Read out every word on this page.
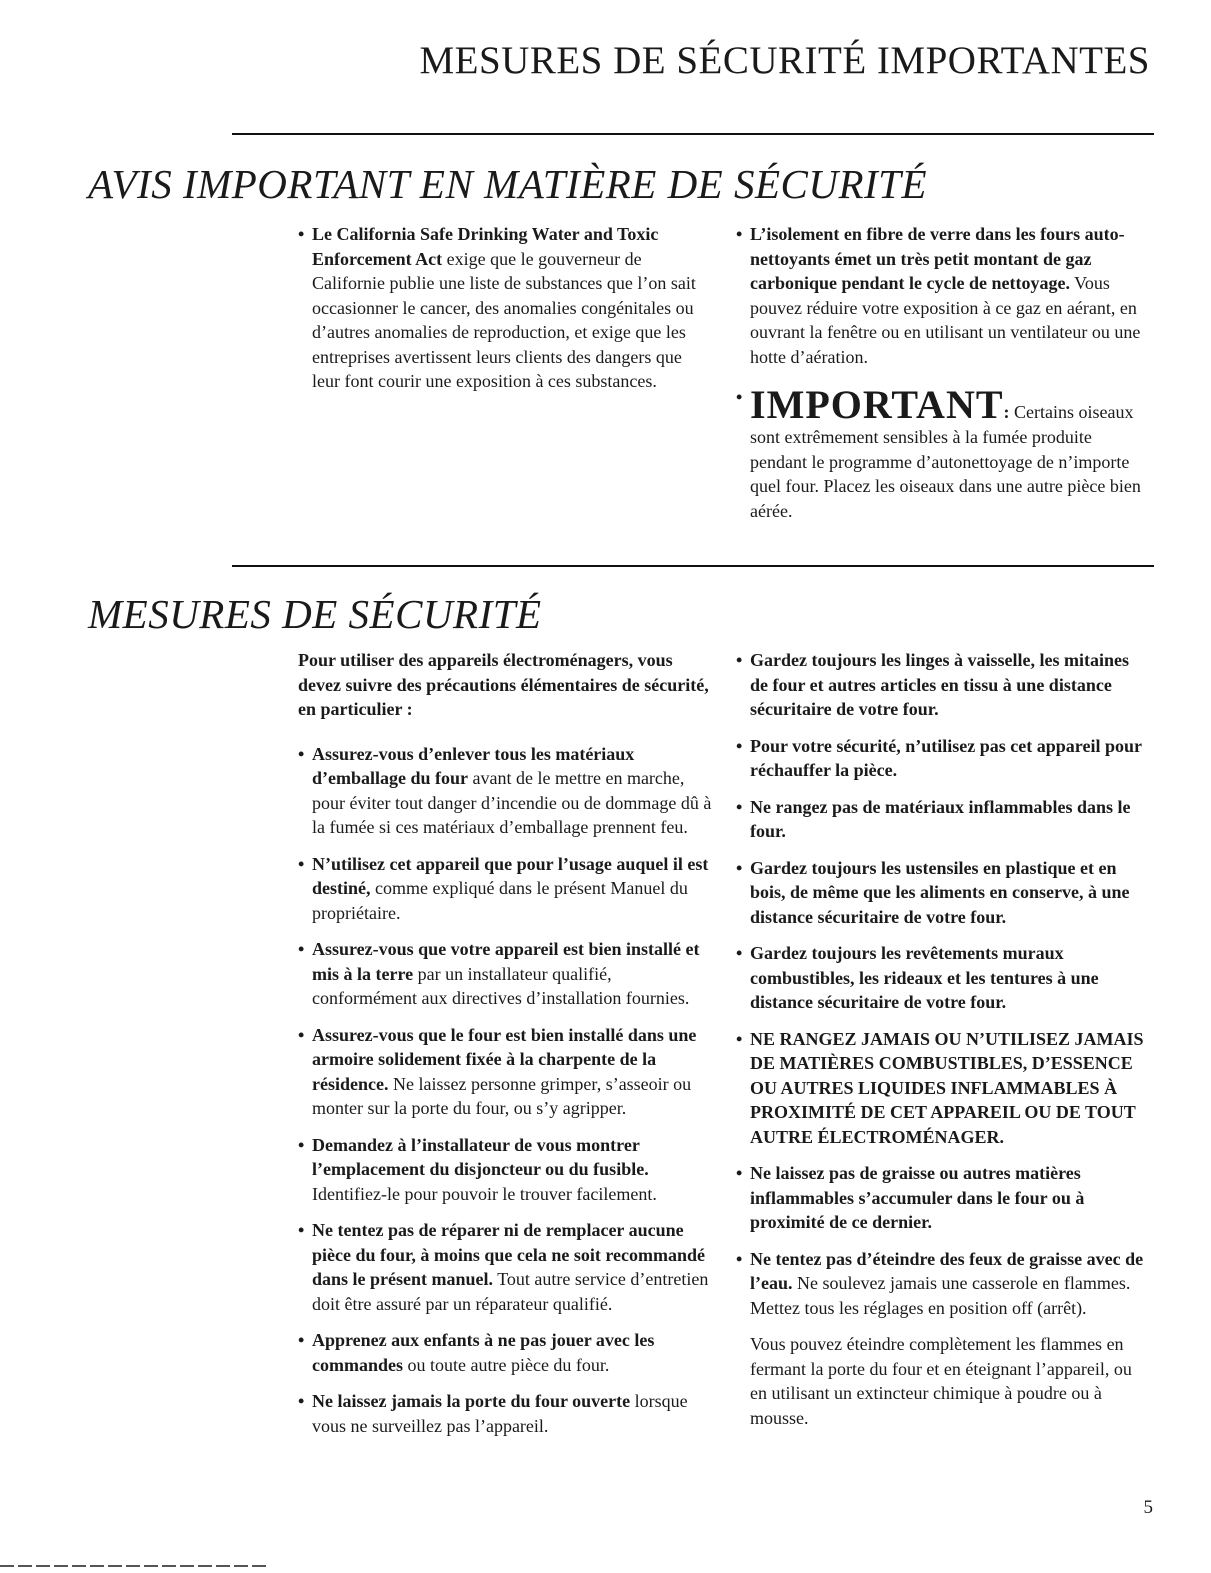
MESURES DE SÉCURITÉ IMPORTANTES
AVIS IMPORTANT EN MATIÈRE DE SÉCURITÉ

• Le California Safe Drinking Water and Toxic Enforcement Act exige que le gouverneur de Californie publie une liste de substances que l’on sait occasionner le cancer, des anomalies congénitales ou d’autres anomalies de reproduction, et exige que les entreprises avertissent leurs clients des dangers que leur font courir une exposition à ces substances.

• L’isolement en fibre de verre dans les fours auto-nettoyants émet un très petit montant de gaz carbonique pendant le cycle de nettoyage. Vous pouvez réduire votre exposition à ce gaz en aérant, en ouvrant la fenêtre ou en utilisant un ventilateur ou une hotte d’aération.

• IMPORTANT: Certains oiseaux sont extrêmement sensibles à la fumée produite pendant le programme d’autonettoyage de n’importe quel four. Placez les oiseaux dans une autre pièce bien aérée.

MESURES DE SÉCURITÉ

Pour utiliser des appareils électroménagers, vous devez suivre des précautions élémentaires de sécurité, en particulier :

• Assurez-vous d’enlever tous les matériaux d’emballage du four avant de le mettre en marche, pour éviter tout danger d’incendie ou de dommage dû à la fumée si ces matériaux d’emballage prennent feu.

• N’utilisez cet appareil que pour l’usage auquel il est destiné, comme expliqué dans le présent Manuel du propriétaire.

• Assurez-vous que votre appareil est bien installé et mis à la terre par un installateur qualifié, conformément aux directives d’installation fournies.

• Assurez-vous que le four est bien installé dans une armoire solidement fixée à la charpente de la résidence. Ne laissez personne grimper, s’asseoir ou monter sur la porte du four, ou s’y agripper.

• Demandez à l’installateur de vous montrer l’emplacement du disjoncteur ou du fusible. Identifiez-le pour pouvoir le trouver facilement.

• Ne tentez pas de réparer ni de remplacer aucune pièce du four, à moins que cela ne soit recommandé dans le présent manuel. Tout autre service d’entretien doit être assuré par un réparateur qualifié.

• Apprenez aux enfants à ne pas jouer avec les commandes ou toute autre pièce du four.

• Ne laissez jamais la porte du four ouverte lorsque vous ne surveillez pas l’appareil.

• Gardez toujours les linges à vaisselle, les mitaines de four et autres articles en tissu à une distance sécuritaire de votre four.

• Pour votre sécurité, n’utilisez pas cet appareil pour réchauffer la pièce.

• Ne rangez pas de matériaux inflammables dans le four.

• Gardez toujours les ustensiles en plastique et en bois, de même que les aliments en conserve, à une distance sécuritaire de votre four.

• Gardez toujours les revêtements muraux combustibles, les rideaux et les tentures à une distance sécuritaire de votre four.

• NE RANGEZ JAMAIS OU N’UTILISEZ JAMAIS DE MATIÈRES COMBUSTIBLES, D’ESSENCE OU AUTRES LIQUIDES INFLAMMABLES À PROXIMITÉ DE CET APPAREIL OU DE TOUT AUTRE ÉLECTROMÉNAGER.

• Ne laissez pas de graisse ou autres matières inflammables s’accumuler dans le four ou à proximité de ce dernier.

• Ne tentez pas d’éteindre des feux de graisse avec de l’eau. Ne soulevez jamais une casserole en flammes. Mettez tous les réglages en position off (arrêt).

Vous pouvez éteindre complètement les flammes en fermant la porte du four et en éteignant l’appareil, ou en utilisant un extincteur chimique à poudre ou à mousse.

5
